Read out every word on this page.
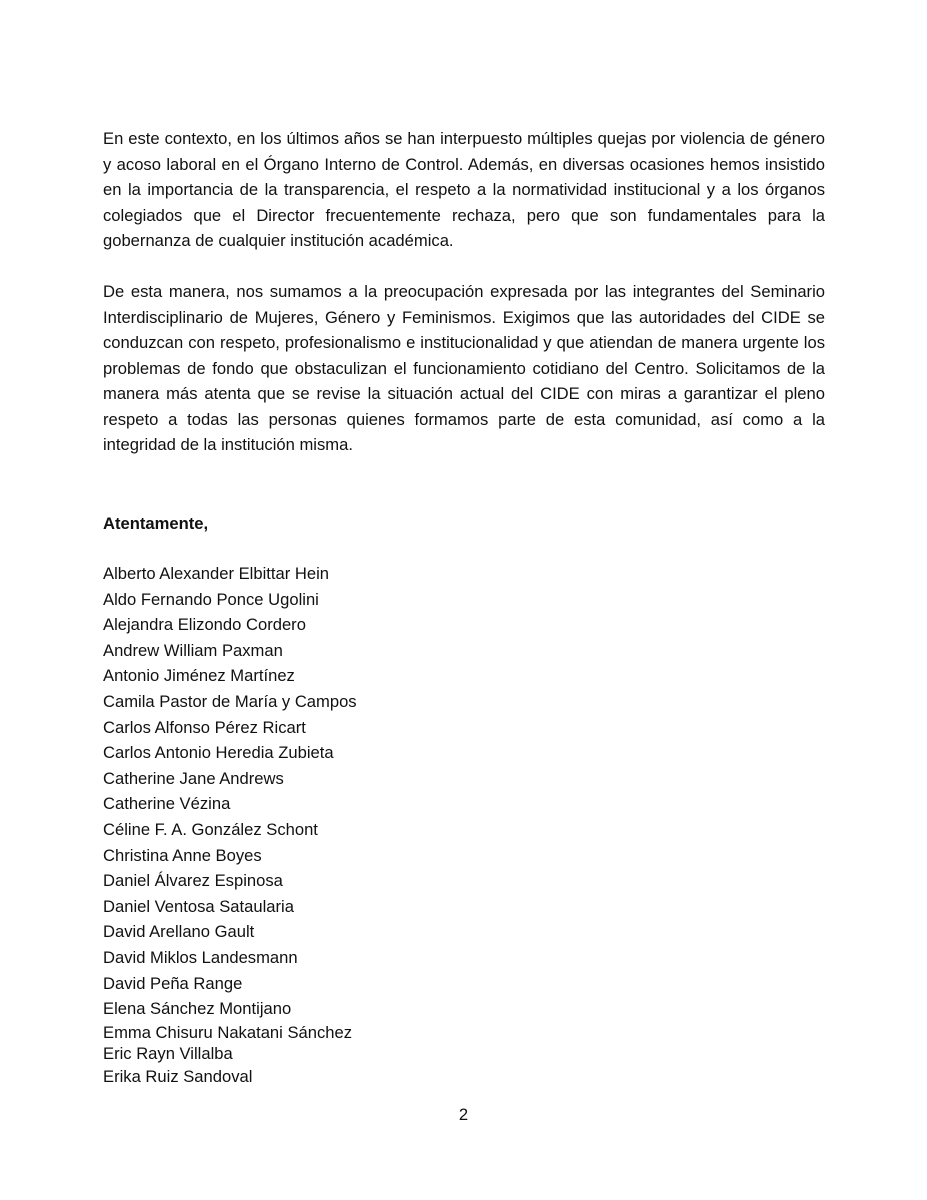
En este contexto, en los últimos años se han interpuesto múltiples quejas por violencia de género y acoso laboral en el Órgano Interno de Control. Además, en diversas ocasiones hemos insistido en la importancia de la transparencia, el respeto a la normatividad institucional y a los órganos colegiados que el Director frecuentemente rechaza, pero que son fundamentales para la gobernanza de cualquier institución académica.

De esta manera, nos sumamos a la preocupación expresada por las integrantes del Seminario Interdisciplinario de Mujeres, Género y Feminismos. Exigimos que las autoridades del CIDE se conduzcan con respeto, profesionalismo e institucionalidad y que atiendan de manera urgente los problemas de fondo que obstaculizan el funcionamiento cotidiano del Centro. Solicitamos de la manera más atenta que se revise la situación actual del CIDE con miras a garantizar el pleno respeto a todas las personas quienes formamos parte de esta comunidad, así como a la integridad de la institución misma.

Atentamente,

Alberto Alexander Elbittar Hein
Aldo Fernando Ponce Ugolini
Alejandra Elizondo Cordero
Andrew William Paxman
Antonio Jiménez Martínez
Camila Pastor de María y Campos
Carlos Alfonso Pérez Ricart
Carlos Antonio Heredia Zubieta
Catherine Jane Andrews
Catherine Vézina
Céline F. A. González Schont
Christina Anne Boyes
Daniel Álvarez Espinosa
Daniel Ventosa Sataularia
David Arellano Gault
David Miklos Landesmann
David Peña Range
Elena Sánchez Montijano
Emma Chisuru Nakatani Sánchez
Eric Rayn Villalba
Erika Ruiz Sandoval
2
